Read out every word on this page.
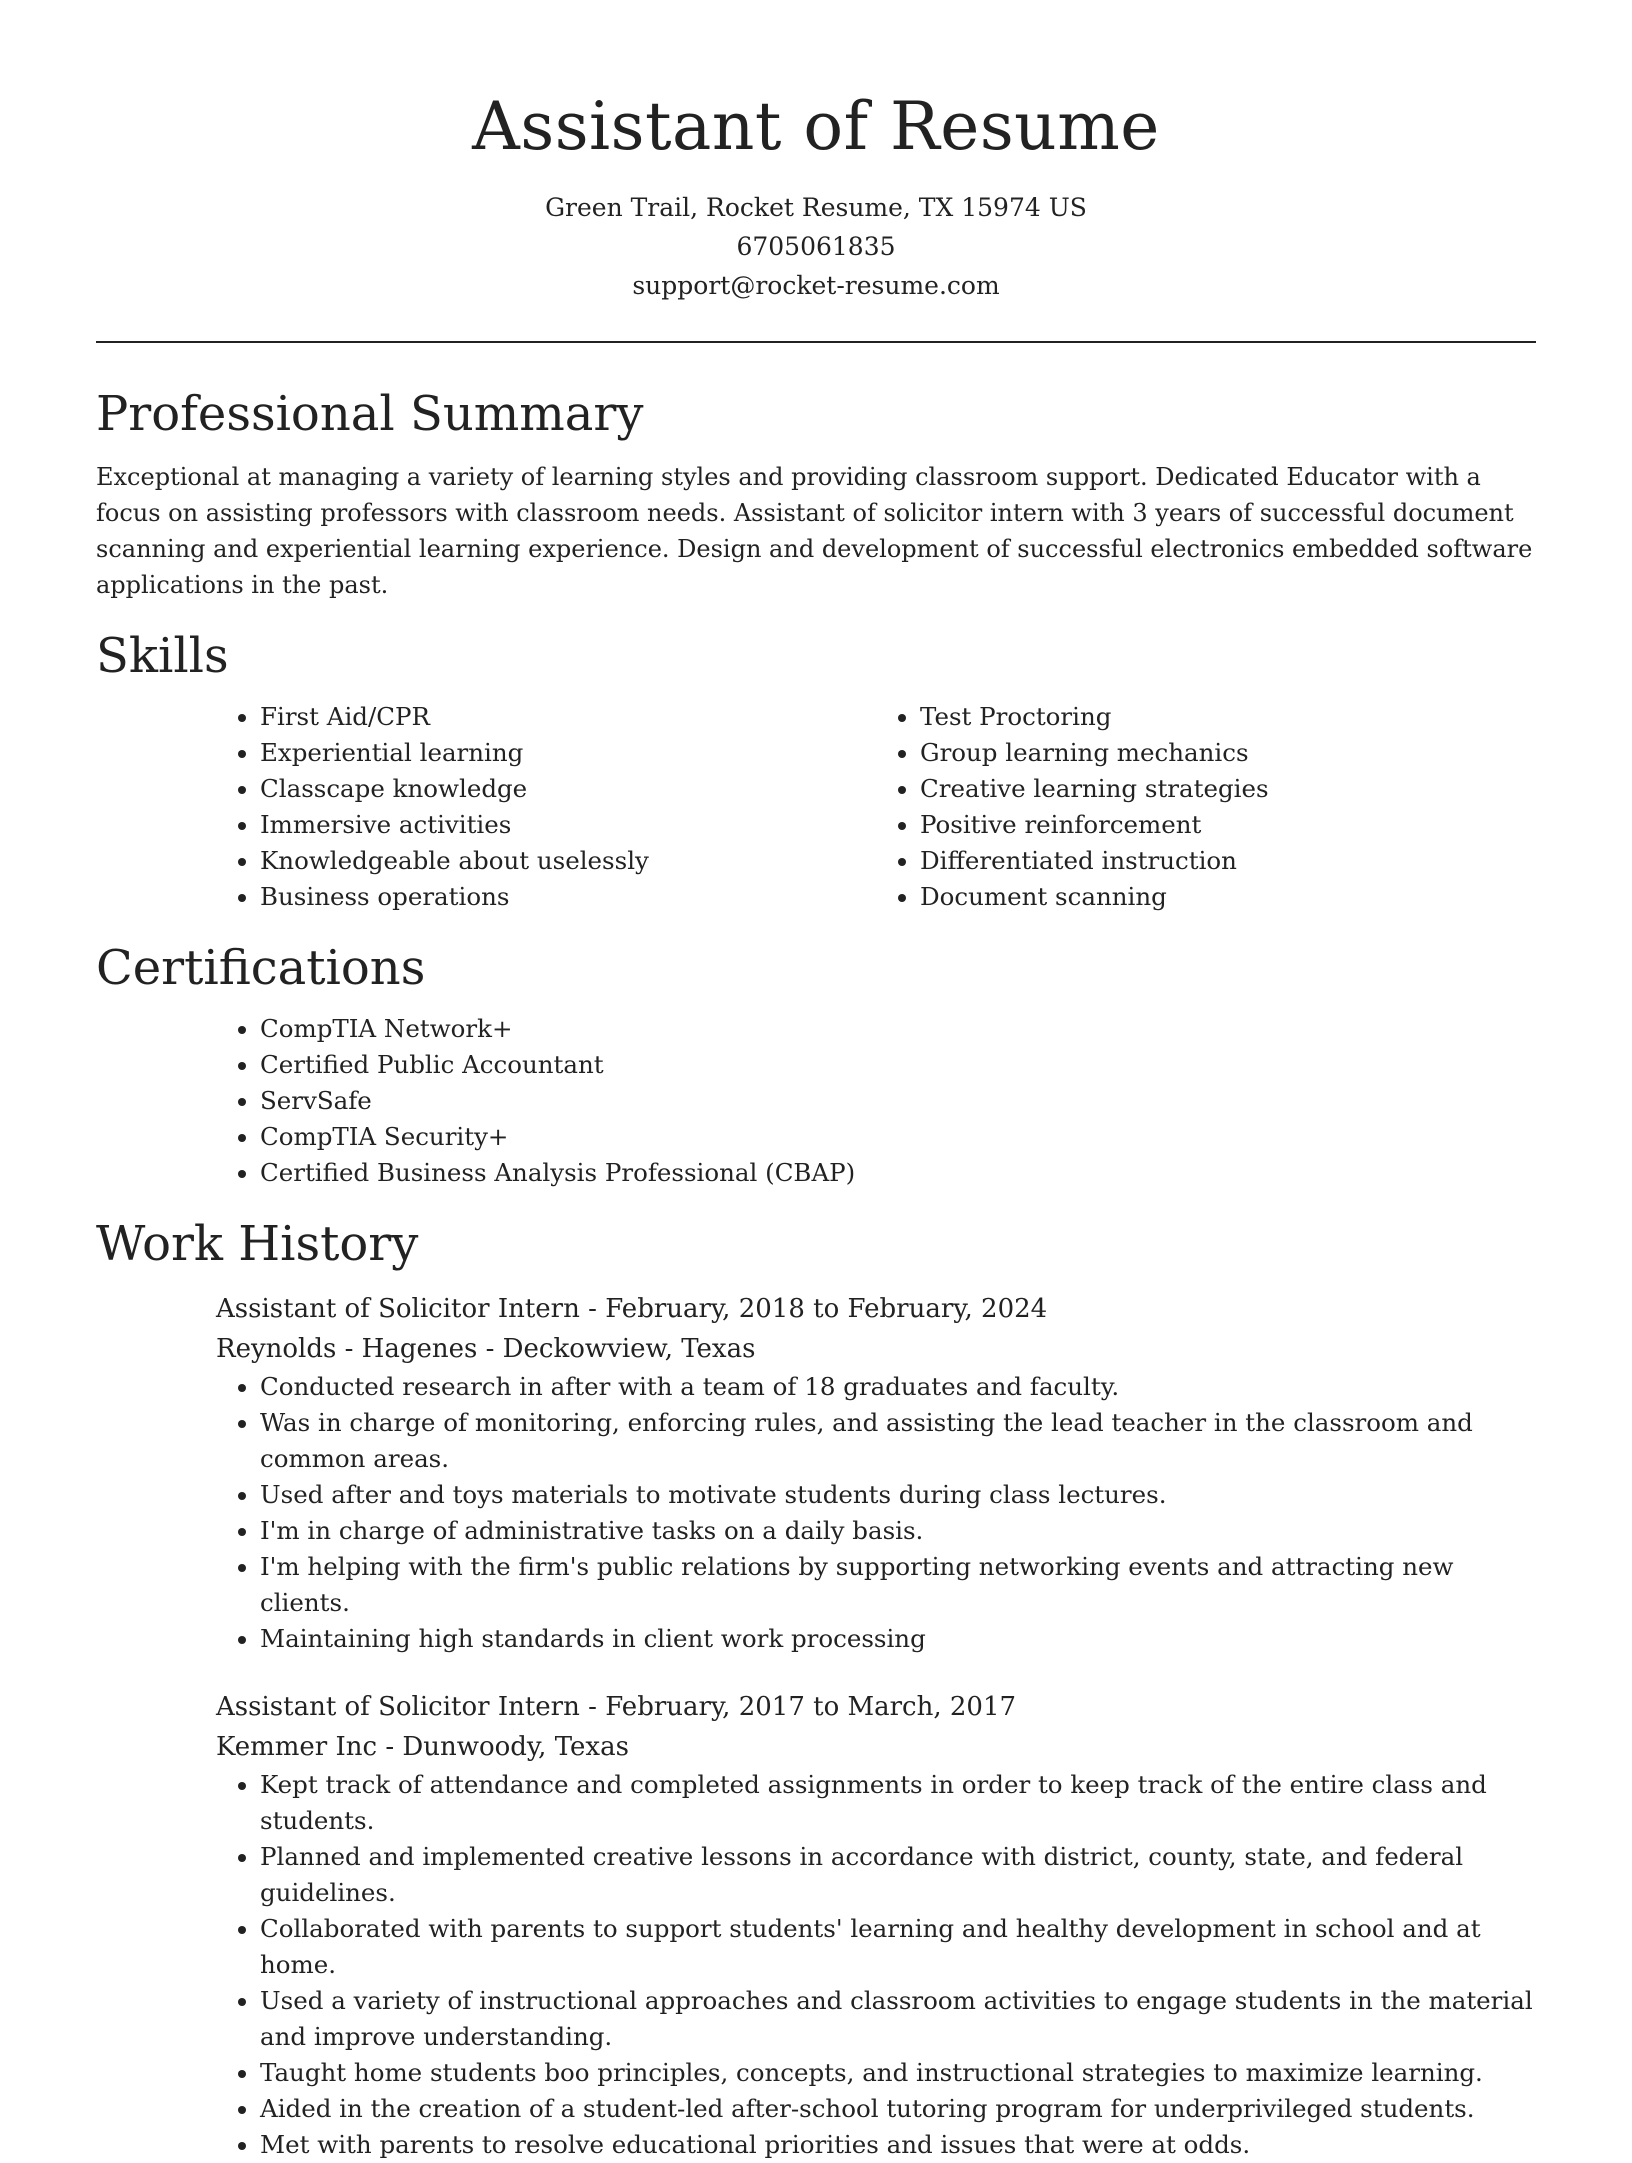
Assistant of Resume
Green Trail, Rocket Resume, TX 15974 US
6705061835
support@rocket-resume.com
Professional Summary

Exceptional at managing a variety of learning styles and providing classroom support. Dedicated Educator with a focus on assisting professors with classroom needs. Assistant of solicitor intern with 3 years of successful document scanning and experiential learning experience. Design and development of successful electronics embedded software applications in the past.

Skills
• First Aid/CPR
• Experiential learning
• Classcape knowledge
• Immersive activities
• Knowledgeable about uselessly
• Business operations
• Test Proctoring
• Group learning mechanics
• Creative learning strategies
• Positive reinforcement
• Differentiated instruction
• Document scanning
Certifications
• CompTIA Network+
• Certified Public Accountant
• ServSafe
• CompTIA Security+
• Certified Business Analysis Professional (CBAP)
Work History

Assistant of Solicitor Intern - February, 2018 to February, 2024

Reynolds - Hagenes - Deckowview, Texas

• Conducted research in after with a team of 18 graduates and faculty.
• Was in charge of monitoring, enforcing rules, and assisting the lead teacher in the classroom and common areas.
• Used after and toys materials to motivate students during class lectures.
• I'm in charge of administrative tasks on a daily basis.
• I'm helping with the firm's public relations by supporting networking events and attracting new clients.
• Maintaining high standards in client work processing

Assistant of Solicitor Intern - February, 2017 to March, 2017

Kemmer Inc - Dunwoody, Texas

• Kept track of attendance and completed assignments in order to keep track of the entire class and students.
• Planned and implemented creative lessons in accordance with district, county, state, and federal guidelines.
• Collaborated with parents to support students' learning and healthy development in school and at home.
• Used a variety of instructional approaches and classroom activities to engage students in the material and improve understanding.
• Taught home students boo principles, concepts, and instructional strategies to maximize learning.
• Aided in the creation of a student-led after-school tutoring program for underprivileged students.
• Met with parents to resolve educational priorities and issues that were at odds.
